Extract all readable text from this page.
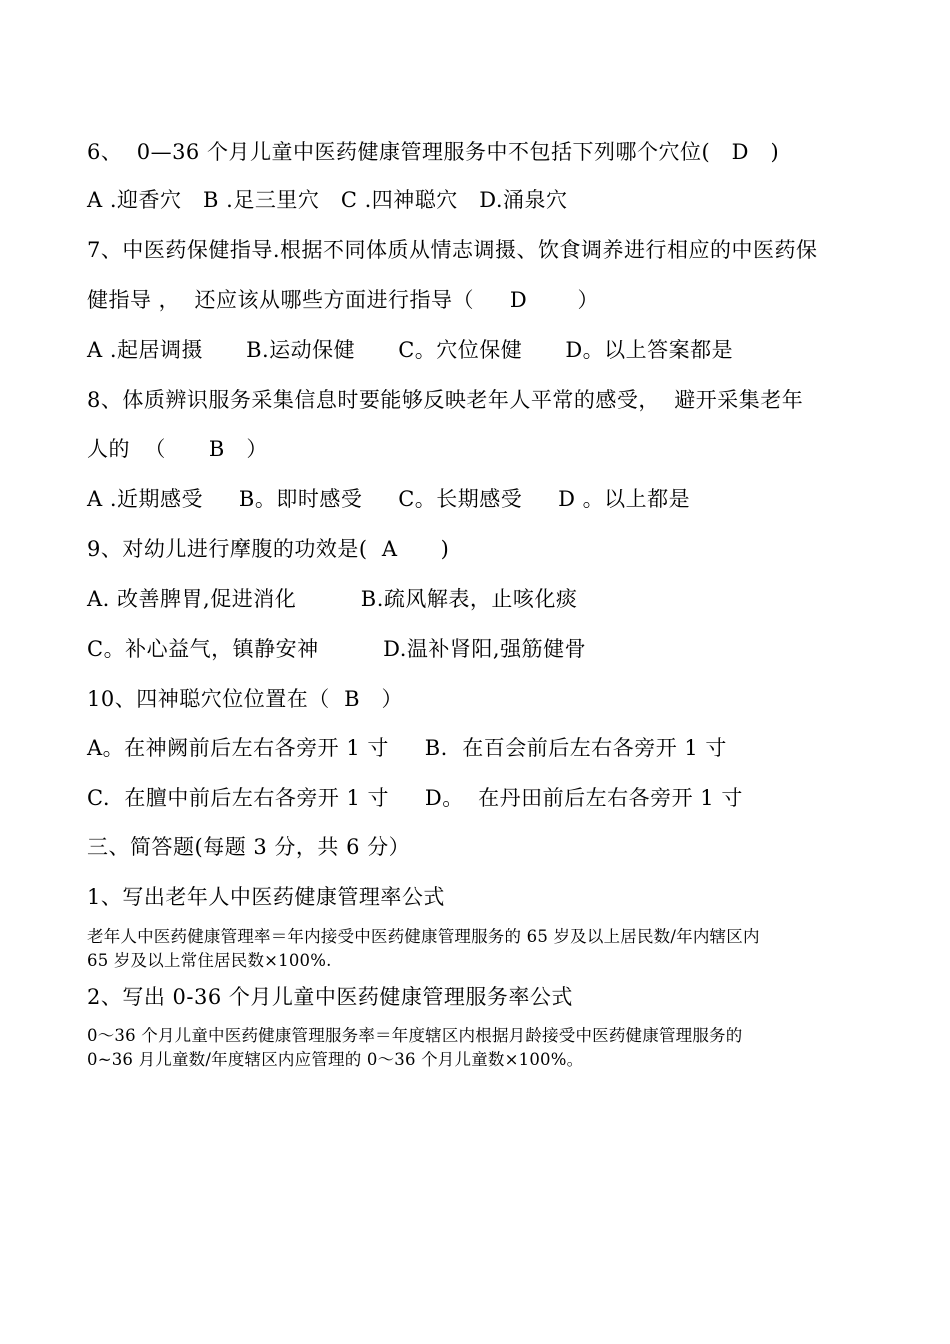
6、  0—36 个月儿童中医药健康管理服务中不包括下列哪个穴位(   D   )
A .迎香穴   B .足三里穴   C .四神聪穴   D.涌泉穴
7、中医药保健指导.根据不同体质从情志调摄、饮食调养进行相应的中医药保
健指导 ，  还应该从哪些方面进行指导（     D       ）
A .起居调摄      B.运动保健      C。穴位保健      D。以上答案都是
8、体质辨识服务采集信息时要能够反映老年人平常的感受，  避开采集老年
人的  （      B   ）
A .近期感受     B。即时感受     C。长期感受     D 。以上都是
9、对幼儿进行摩腹的功效是(  A      )
A. 改善脾胃,促进消化         B.疏风解表，止咳化痰
C。补心益气，镇静安神         D.温补肾阳,强筋健骨
10、四神聪穴位位置在（  B   ）
A。在神阙前后左右各旁开 1 寸     B.  在百会前后左右各旁开 1 寸
C.  在膻中前后左右各旁开 1 寸     D。  在丹田前后左右各旁开 1 寸
三、简答题(每题 3 分，共 6 分）
1、写出老年人中医药健康管理率公式
老年人中医药健康管理率＝年内接受中医药健康管理服务的 65 岁及以上居民数/年内辖区内
65 岁及以上常住居民数×100%.
2、写出 0-36 个月儿童中医药健康管理服务率公式
0～36 个月儿童中医药健康管理服务率＝年度辖区内根据月龄接受中医药健康管理服务的
0~36 月儿童数/年度辖区内应管理的 0～36 个月儿童数×100%。
